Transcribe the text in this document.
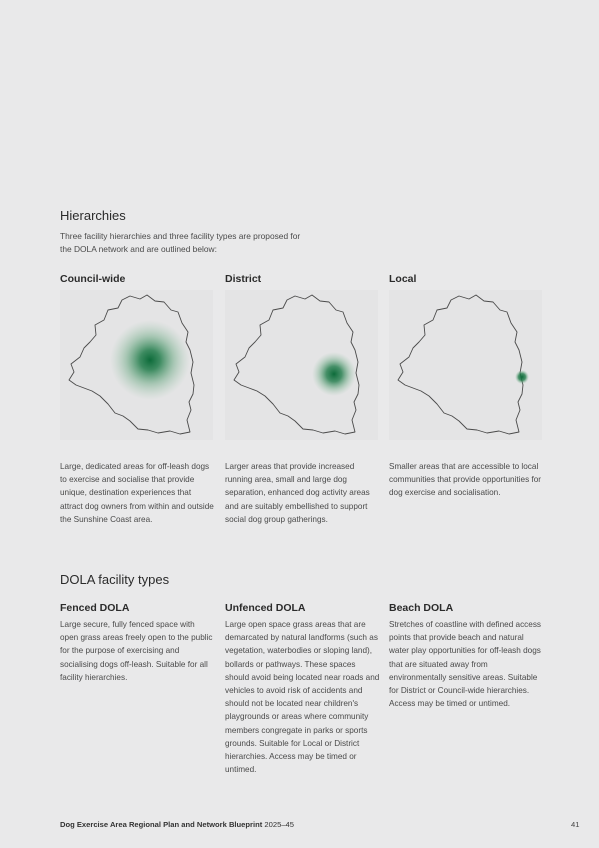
Hierarchies

Three facility hierarchies and three facility types are proposed for the DOLA network and are outlined below:

Council-wide	District	Local

Large, dedicated areas for off-leash dogs to exercise and socialise that provide unique, destination experiences that attract dog owners from within and outside the Sunshine Coast area.

Larger areas that provide increased running area, small and large dog separation, enhanced dog activity areas and are suitably embellished to support social dog group gatherings.

Smaller areas that are accessible to local communities that provide opportunities for dog exercise and socialisation.

DOLA facility types
Fenced DOLA	Unfenced DOLA	Beach DOLA

Large secure, fully fenced space with open grass areas freely open to the public for the purpose of exercising and socialising dogs off-leash. Suitable for all facility hierarchies.

Large open space grass areas that are demarcated by natural landforms (such as vegetation, waterbodies or sloping land), bollards or pathways. These spaces should avoid being located near roads and vehicles to avoid risk of accidents and should not be located near children's playgrounds or areas where community members congregate in parks or sports grounds. Suitable for Local or District hierarchies. Access may be timed or untimed.

Stretches of coastline with defined access points that provide beach and natural water play opportunities for off-leash dogs that are situated away from environmentally sensitive areas. Suitable for District or Council-wide hierarchies. Access may be timed or untimed.

Dog Exercise Area Regional Plan and Network Blueprint 2025–45	41
